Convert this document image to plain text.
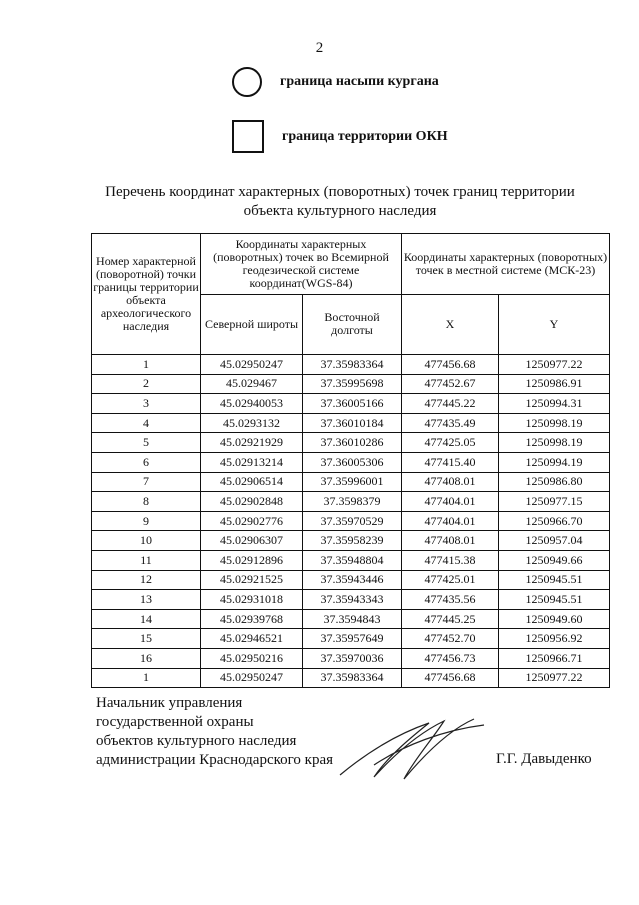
2
граница насыпи кургана
граница территории ОКН
Перечень координат характерных (поворотных) точек границ территории
объекта культурного наследия
Номер характерной (поворотной) точки границы территории объекта археологического наследия	Координаты характерных (поворотных) точек во Всемирной геодезической системе координат(WGS-84)		Координаты характерных (поворотных) точек в местной системе (МСК-23)	
	Северной широты	Восточной долготы	X	Y
1	45.02950247	37.35983364	477456.68	1250977.22
2	45.029467	37.35995698	477452.67	1250986.91
3	45.02940053	37.36005166	477445.22	1250994.31
4	45.0293132	37.36010184	477435.49	1250998.19
5	45.02921929	37.36010286	477425.05	1250998.19
6	45.02913214	37.36005306	477415.40	1250994.19
7	45.02906514	37.35996001	477408.01	1250986.80
8	45.02902848	37.3598379	477404.01	1250977.15
9	45.02902776	37.35970529	477404.01	1250966.70
10	45.02906307	37.35958239	477408.01	1250957.04
11	45.02912896	37.35948804	477415.38	1250949.66
12	45.02921525	37.35943446	477425.01	1250945.51
13	45.02931018	37.35943343	477435.56	1250945.51
14	45.02939768	37.3594843	477445.25	1250949.60
15	45.02946521	37.35957649	477452.70	1250956.92
16	45.02950216	37.35970036	477456.73	1250966.71
1	45.02950247	37.35983364	477456.68	1250977.22
Начальник управления
государственной охраны
объектов культурного наследия
администрации Краснодарского края	Г.Г. Давыденко
